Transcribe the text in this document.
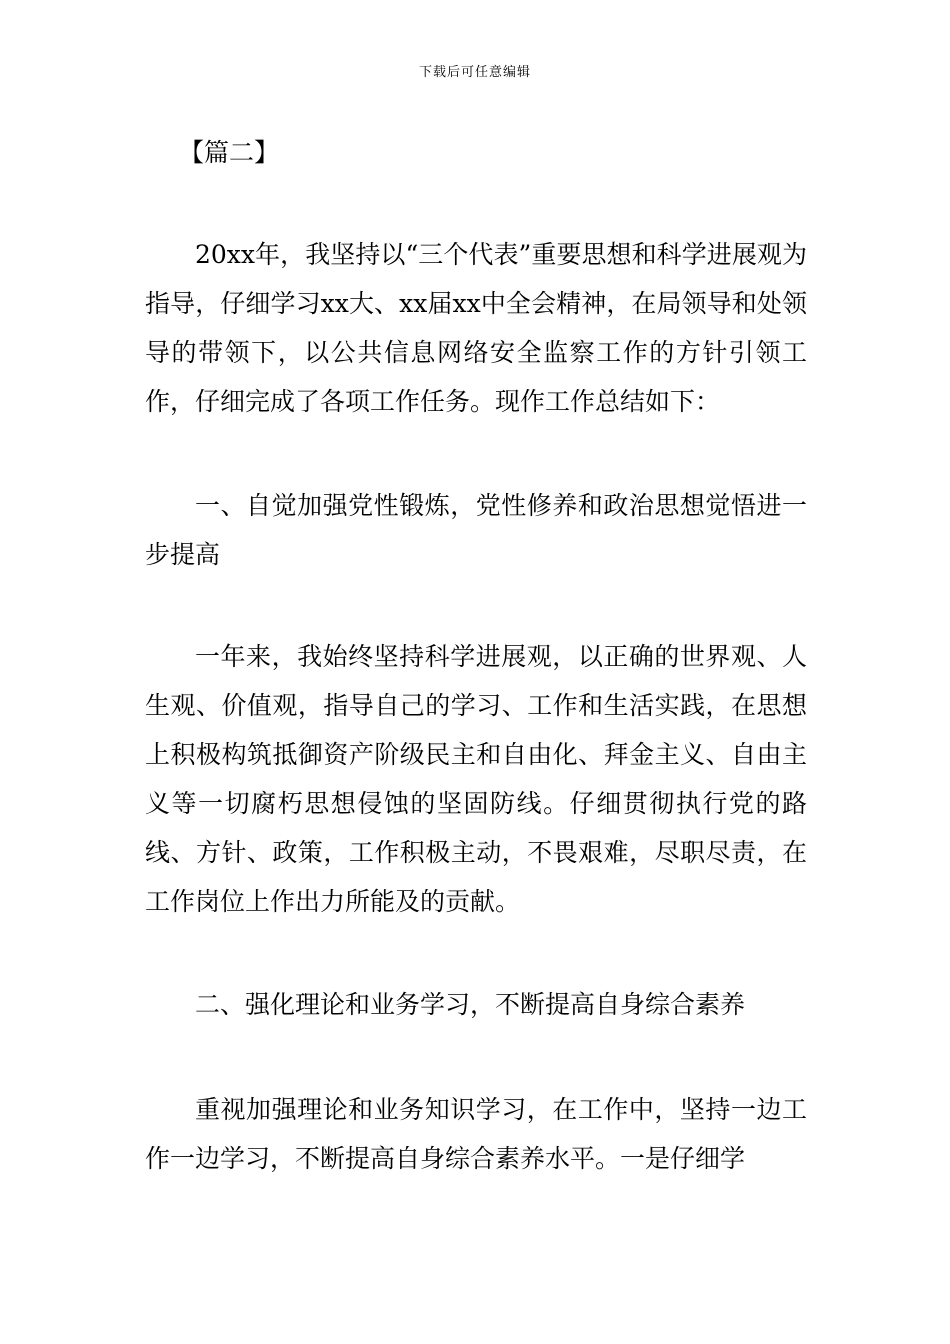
下载后可任意编辑
【篇二】

20xx年，我坚持以“三个代表”重要思想和科学进展观为指导，仔细学习xx大、xx届xx中全会精神，在局领导和处领导的带领下，以公共信息网络安全监察工作的方针引领工作，仔细完成了各项工作任务。现作工作总结如下：

一、自觉加强党性锻炼，党性修养和政治思想觉悟进一步提高

一年来，我始终坚持科学进展观，以正确的世界观、人生观、价值观，指导自己的学习、工作和生活实践，在思想上积极构筑抵御资产阶级民主和自由化、拜金主义、自由主义等一切腐朽思想侵蚀的坚固防线。仔细贯彻执行党的路线、方针、政策，工作积极主动，不畏艰难，尽职尽责，在工作岗位上作出力所能及的贡献。

二、强化理论和业务学习，不断提高自身综合素养

重视加强理论和业务知识学习，在工作中，坚持一边工作一边学习，不断提高自身综合素养水平。一是仔细学
